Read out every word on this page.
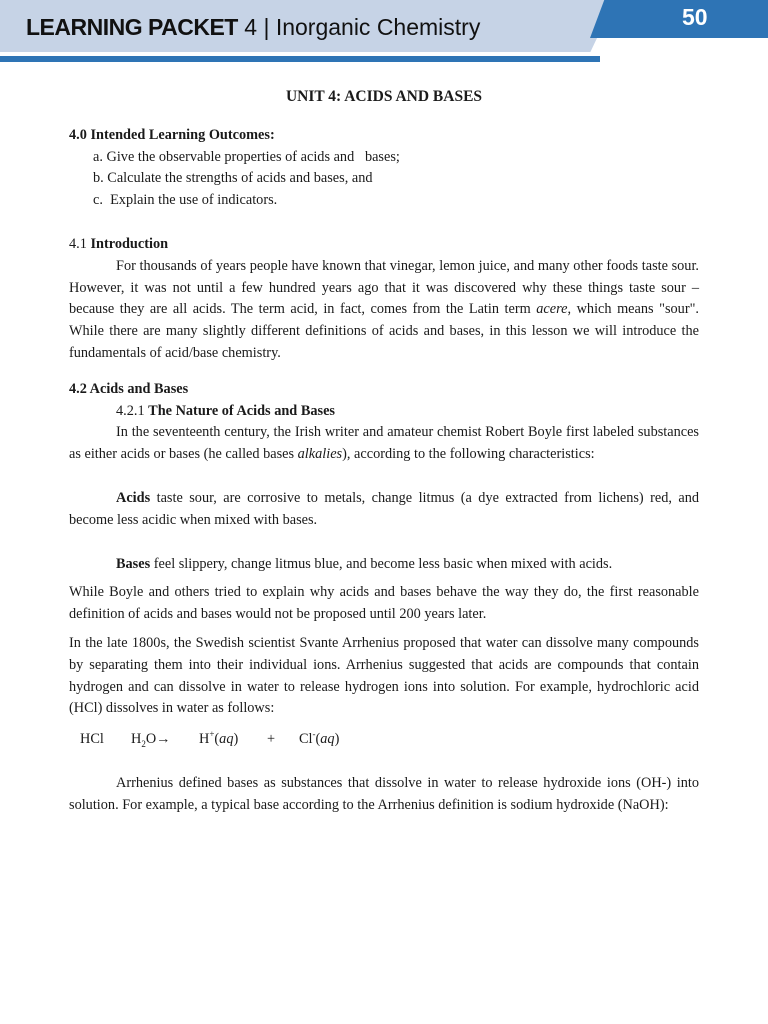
LEARNING PACKET 4 | Inorganic Chemistry	50
UNIT 4: ACIDS AND BASES
4.0 Intended Learning Outcomes:
a. Give the observable properties of acids and   bases;
b. Calculate the strengths of acids and bases, and
c.  Explain the use of indicators.
4.1 Introduction

For thousands of years people have known that vinegar, lemon juice, and many other foods taste sour. However, it was not until a few hundred years ago that it was discovered why these things taste sour – because they are all acids. The term acid, in fact, comes from the Latin term acere, which means "sour". While there are many slightly different definitions of acids and bases, in this lesson we will introduce the fundamentals of acid/base chemistry.

4.2 Acids and Bases
4.2.1 The Nature of Acids and Bases

In the seventeenth century, the Irish writer and amateur chemist Robert Boyle first labeled substances as either acids or bases (he called bases alkalies), according to the following characteristics:

Acids taste sour, are corrosive to metals, change litmus (a dye extracted from lichens) red, and become less acidic when mixed with bases.

Bases feel slippery, change litmus blue, and become less basic when mixed with acids.

While Boyle and others tried to explain why acids and bases behave the way they do, the first reasonable definition of acids and bases would not be proposed until 200 years later.

In the late 1800s, the Swedish scientist Svante Arrhenius proposed that water can dissolve many compounds by separating them into their individual ions. Arrhenius suggested that acids are compounds that contain hydrogen and can dissolve in water to release hydrogen ions into solution. For example, hydrochloric acid (HCl) dissolves in water as follows:

HCl $H_2O\to H^+(aq) + Cl^-(aq)$

Arrhenius defined bases as substances that dissolve in water to release hydroxide ions (OH-) into solution. For example, a typical base according to the Arrhenius definition is sodium hydroxide (NaOH):
